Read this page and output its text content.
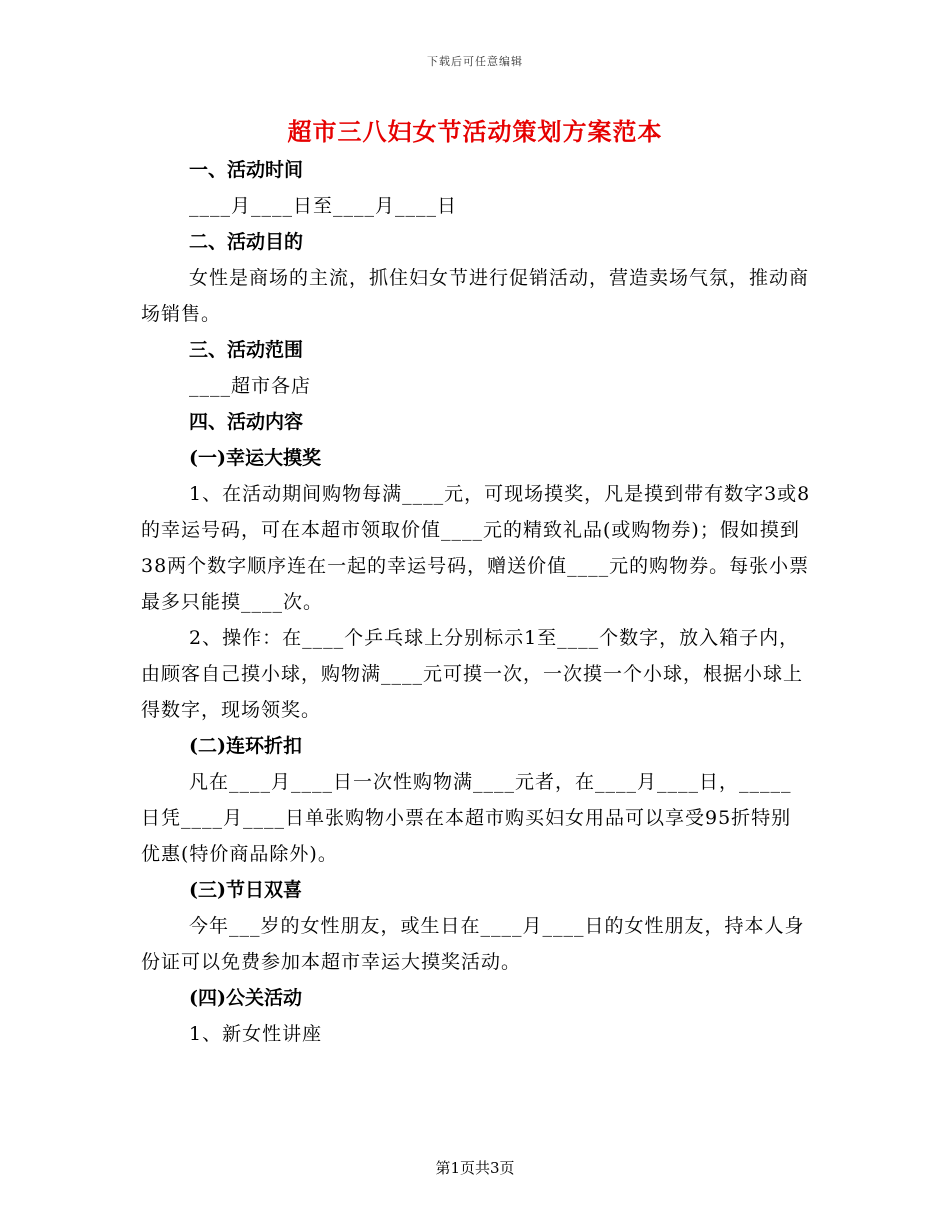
下载后可任意编辑
超市三八妇女节活动策划方案范本
一、活动时间

____月____日至____月____日

二、活动目的

女性是商场的主流，抓住妇女节进行促销活动，营造卖场气氛，推动商场销售。

三、活动范围

____超市各店

四、活动内容
(一)幸运大摸奖

1、在活动期间购物每满____元，可现场摸奖，凡是摸到带有数字3或8的幸运号码，可在本超市领取价值____元的精致礼品(或购物券)；假如摸到38两个数字顺序连在一起的幸运号码，赠送价值____元的购物券。每张小票最多只能摸____次。

2、操作：在____个乒乓球上分别标示1至____个数字，放入箱子内，由顾客自己摸小球，购物满____元可摸一次，一次摸一个小球，根据小球上得数字，现场领奖。

(二)连环折扣

凡在____月____日一次性购物满____元者，在____月____日，_____日凭____月____日单张购物小票在本超市购买妇女用品可以享受95折特别优惠(特价商品除外)。

(三)节日双喜

今年___岁的女性朋友，或生日在____月____日的女性朋友，持本人身份证可以免费参加本超市幸运大摸奖活动。

(四)公关活动

1、新女性讲座

第1页共3页
